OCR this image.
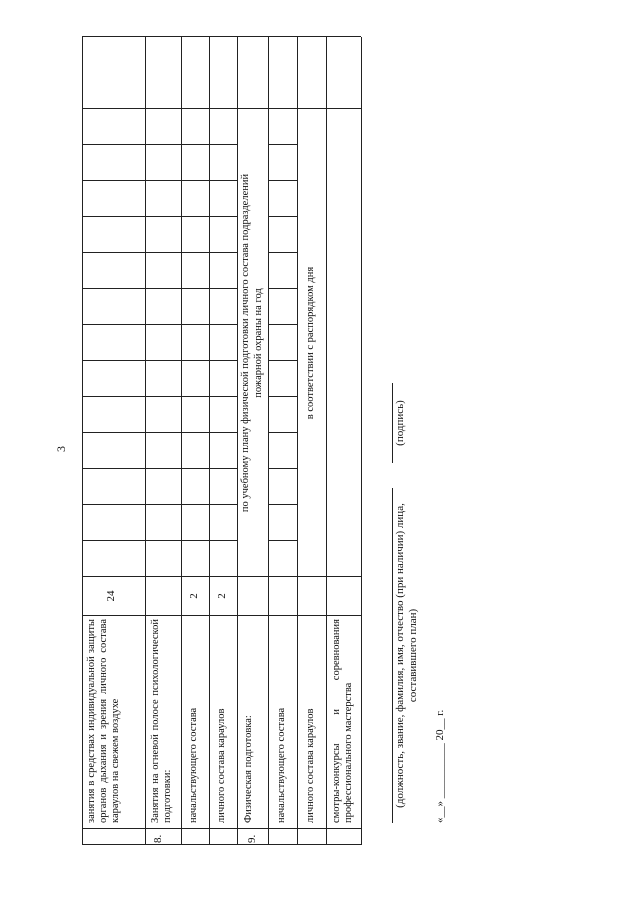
3
занятия в средствах индивидуальной защиты органов дыхания и зрения личного состава караулов на свежем воздухе
24
8.
Занятия на огневой полосе психологической подготовки:	начальствующего состава
2
личного состава караулов
2
9.
Физическая подготовка: начальствующего состава личного состава караулов смотры-конкурсы и соревнования профессионального мастерства
по учебному плану физической подготовки личного состава подразделений пожарной охраны на год	в соответствии с распорядком дня
(должность, звание, фамилия, имя, отчество (при наличии) лица, составившего план)
(подпись)
«__» __________ 20__ г.
